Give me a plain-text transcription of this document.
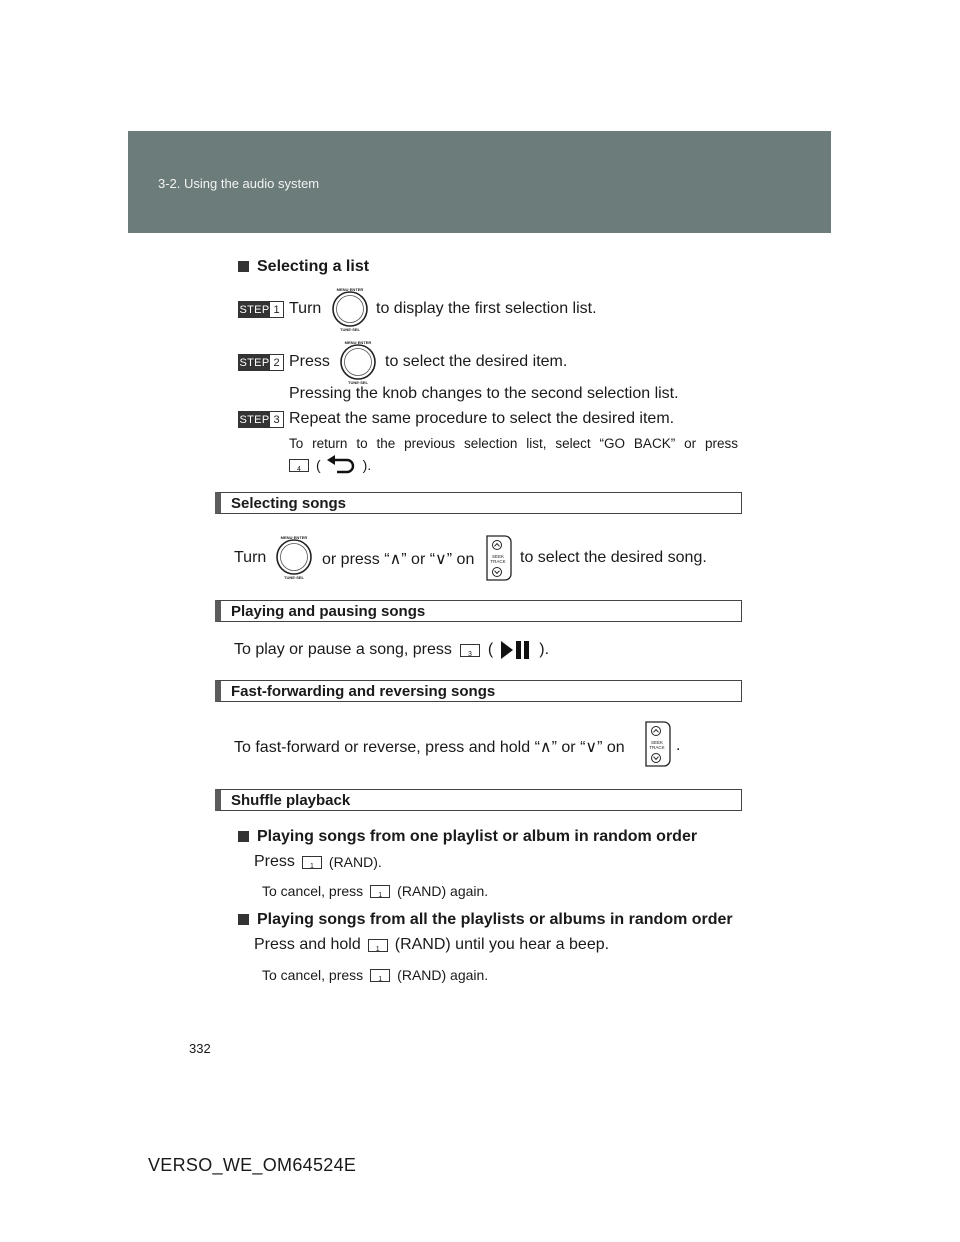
3-2. Using the audio system
Selecting a list
STEP 1 Turn
MENU·ENTER
TUNE·SEL
to display the first selection list.
STEP 2 Press
MENU·ENTER
TUNE·SEL
to select the desired item.
Pressing the knob changes to the second selection list.
STEP 3 Repeat the same procedure to select the desired item.
To return to the previous selection list, select “GO BACK” or press
4	(	).
Selecting songs
Turn
MENU·ENTER
TUNE·SEL
or press “∧” or “∨” on	SEEK
TRACK to select the desired song.
Playing and pausing songs
To play or pause a song, press	3	(	).
Fast-forwarding and reversing songs
To fast-forward or reverse, press and hold “∧” or “∨” on	SEEK
TRACK .
Shuffle playback
Playing songs from one playlist or album in random order
Press	1	(RAND).
To cancel, press	1	(RAND) again.
Playing songs from all the playlists or albums in random order
Press and hold	1 (RAND) until you hear a beep.
To cancel, press	1	(RAND) again.
332
VERSO_WE_OM64524E
